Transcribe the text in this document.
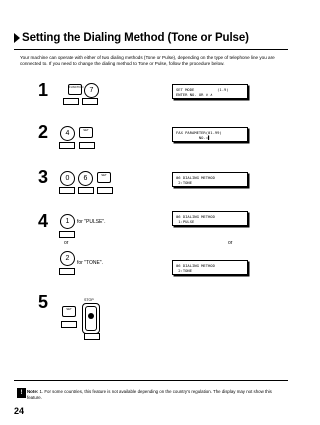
Setting the Dialing Method (Tone or Pulse)
Your machine can operate with either of two dialing methods (Tone or Pulse), depending on the type of telephone line you are connected to. If you need to change the dialing method to Tone or Pulse, follow the procedure below.
1	FUNCTION 7	SET MODE          (1-9)
ENTER NO. OR ∨ ∧
2	4	SET	FAX PARAMETER(01-99)
NO.=▌
3	0	6	SET	06 DIALING METHOD
2:TONE
4	1	for "PULSE".
or
2
for "TONE".
06 DIALING METHOD
1:PULSE
or
06 DIALING METHOD
2:TONE
5	SET
STOP
!	Note: 1. For some countries, this feature is not available depending on the country's regulation. The display may not show this feature.
24
